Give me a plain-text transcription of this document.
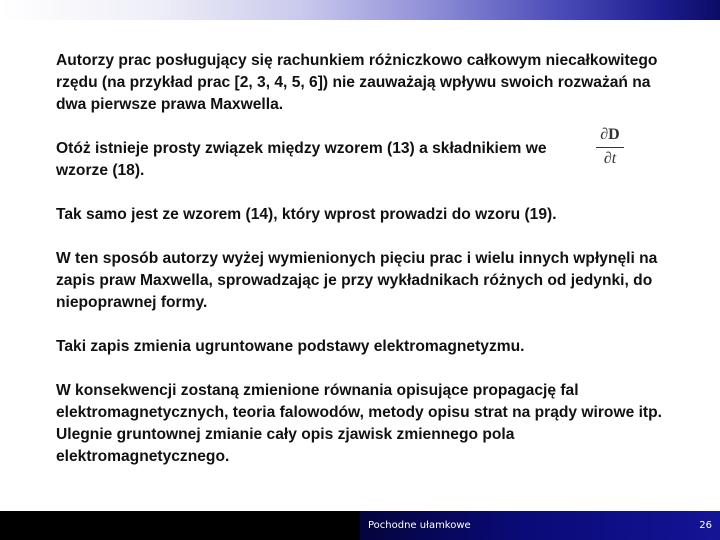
Autorzy prac posługujący się rachunkiem różniczkowo całkowym niecałkowitego rzędu (na przykład prac [2, 3, 4, 5, 6]) nie zauważają wpływu swoich rozważań na dwa pierwsze prawa Maxwella.

Otóż istnieje prosty związek między wzorem (13) a składnikiem we wzorze (18).

∂D
∂t

Tak samo jest ze wzorem (14), który wprost prowadzi do wzoru (19).

W ten sposób autorzy wyżej wymienionych pięciu prac i wielu innych wpłynęli na zapis praw Maxwella, sprowadzając je przy wykładnikach różnych od jedynki, do niepoprawnej formy.

Taki zapis zmienia ugruntowane podstawy elektromagnetyzmu.

W konsekwencji zostaną zmienione równania opisujące propagację fal elektromagnetycznych, teoria falowodów, metody opisu strat na prądy wirowe itp. Ulegnie gruntownej zmianie cały opis zjawisk zmiennego pola elektromagnetycznego.

Pochodne ułamkowe	26
